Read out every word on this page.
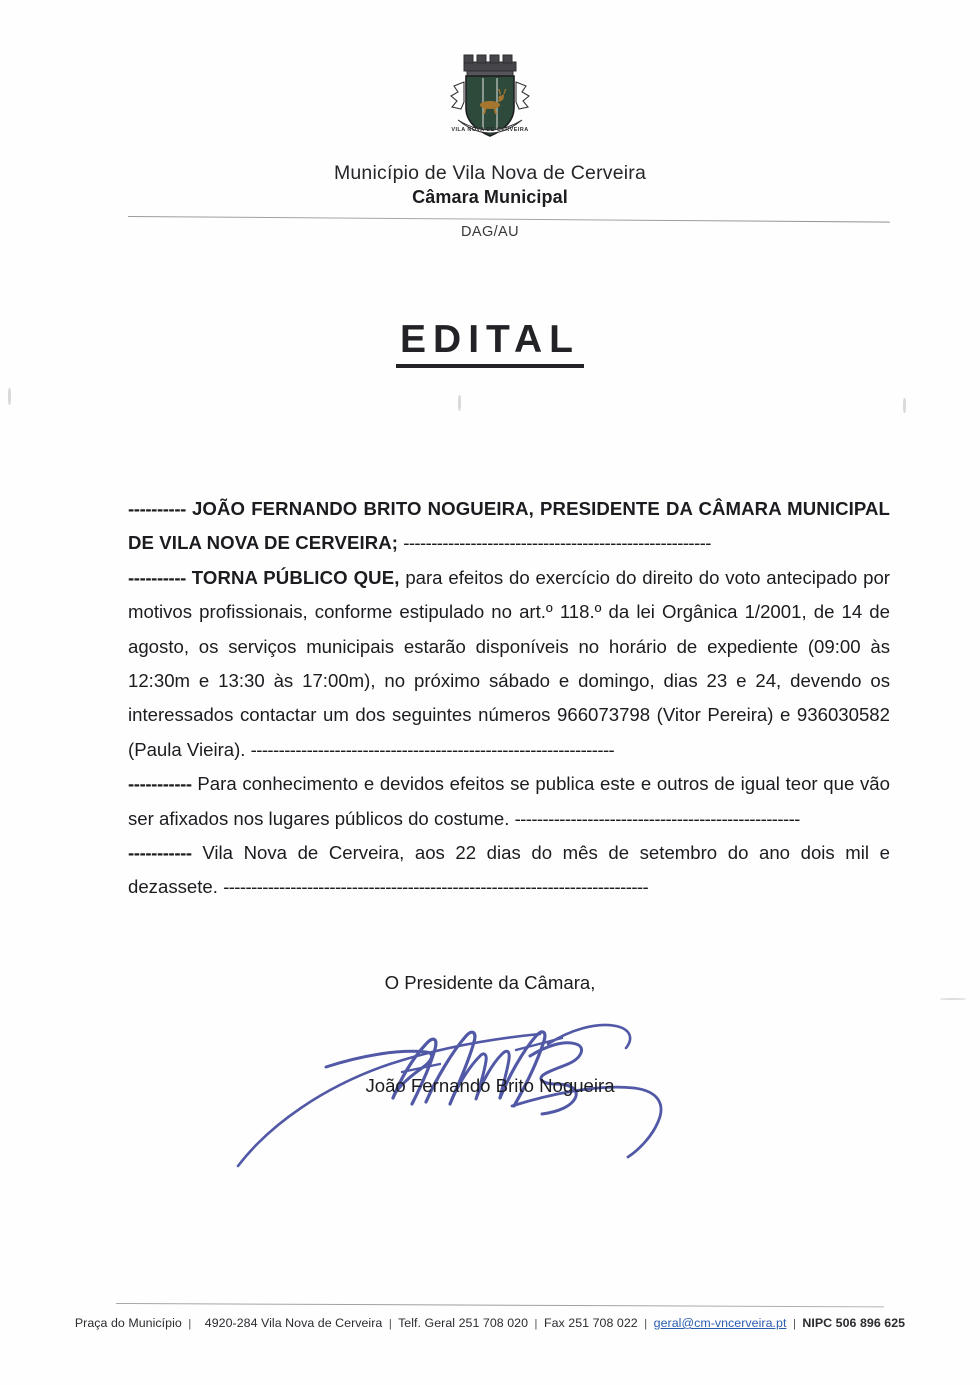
VILA NOVA DE CERVEIRA
Município de Vila Nova de Cerveira
Câmara Municipal
DAG/AU
EDITAL

---------- JOÃO FERNANDO BRITO NOGUEIRA, PRESIDENTE DA CÂMARA MUNICIPAL DE VILA NOVA DE CERVEIRA; -------------------------------------------------------

---------- TORNA PÚBLICO QUE, para efeitos do exercício do direito do voto antecipado por motivos profissionais, conforme estipulado no art.º 118.º da lei Orgânica 1/2001, de 14 de agosto, os serviços municipais estarão disponíveis no horário de expediente (09:00 às 12:30m e 13:30 às 17:00m), no próximo sábado e domingo, dias 23 e 24, devendo os interessados contactar um dos seguintes números 966073798 (Vitor Pereira) e 936030582 (Paula Vieira). -----------------------------------------------------------------

----------- Para conhecimento e devidos efeitos se publica este e outros de igual teor que vão ser afixados nos lugares públicos do costume. ---------------------------------------------------

----------- Vila Nova de Cerveira, aos 22 dias do mês de setembro do ano dois mil e dezassete. ----------------------------------------------------------------------------

O Presidente da Câmara,
João Fernando Brito Nogueira
Praça do Município | 4920-284 Vila Nova de Cerveira | Telf. Geral 251 708 020 | Fax 251 708 022 | geral@cm-vncerveira.pt | NIPC 506 896 625
